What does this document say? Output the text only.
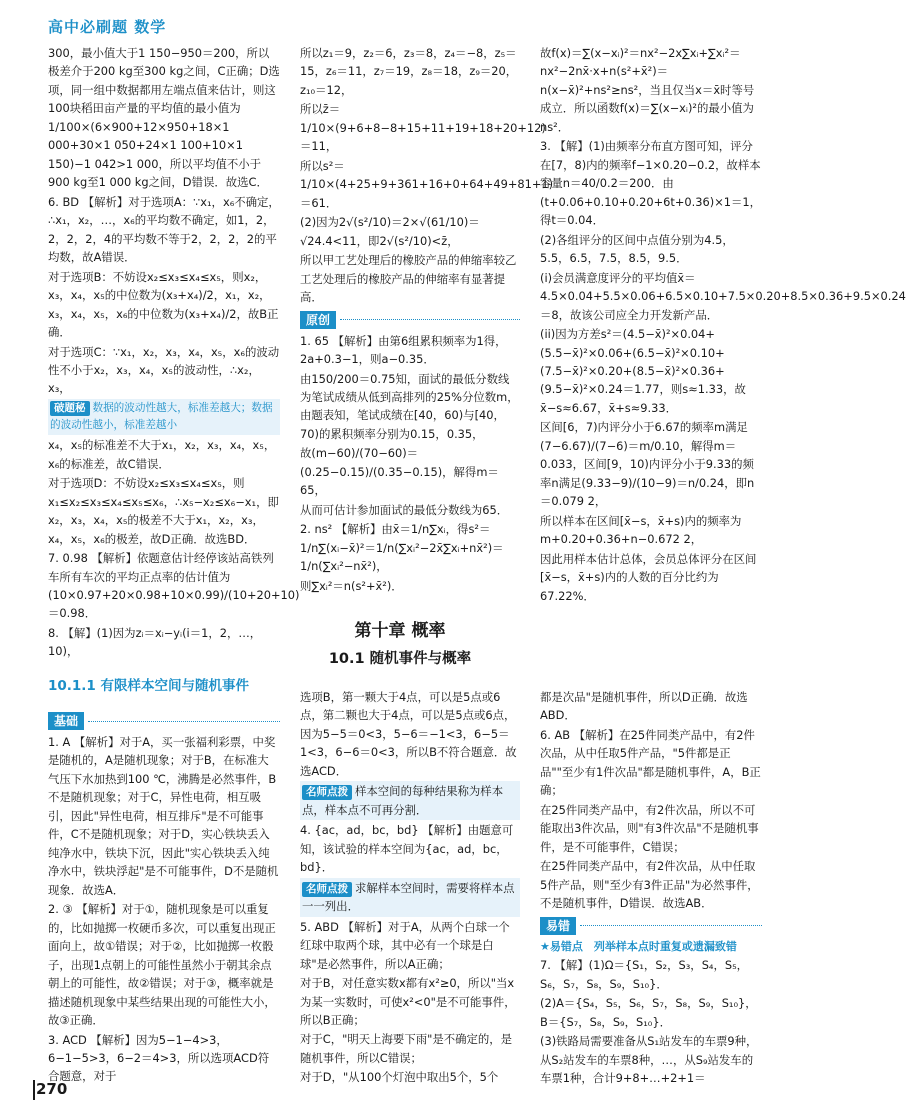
高中必刷题 数学

300，最小值大于1 150−950＝200，所以极差介于200 kg至300 kg之间，C正确；D选项，同一组中数据都用左端点值来估计，则这100块稻田亩产量的平均值的最小值为1/100×(6×900+12×950+18×1 000+30×1 050+24×1 100+10×1 150)−1 042>1 000，所以平均值不小于900 kg至1 000 kg之间，D错误．故选C．

6. BD 【解析】对于选项A：∵x₁，x₆不确定，∴x₁，x₂，…，x₆的平均数不确定，如1，2，2，2，2，4的平均数不等于2，2，2，2的平均数，故A错误．

对于选项B：不妨设x₂≤x₃≤x₄≤x₅，则x₂，x₃，x₄，x₅的中位数为(x₃+x₄)/2，x₁，x₂，x₃，x₄，x₅，x₆的中位数为(x₃+x₄)/2，故B正确．

对于选项C：∵x₁，x₂，x₃，x₄，x₅，x₆的波动性不小于x₂，x₃，x₄，x₅的波动性，∴x₂，x₃，

破题秘 数据的波动性越大，标准差越大；数据的波动性越小，标准差越小

x₄，x₅的标准差不大于x₁，x₂，x₃，x₄，x₅，x₆的标准差，故C错误．

对于选项D：不妨设x₂≤x₃≤x₄≤x₅，则x₁≤x₂≤x₃≤x₄≤x₅≤x₆，∴x₅−x₂≤x₆−x₁，即x₂，x₃，x₄，x₅的极差不大于x₁，x₂，x₃，x₄，x₅，x₆的极差，故D正确．故选BD．

7. 0.98 【解析】依题意估计经停该站高铁列车所有车次的平均正点率的估计值为(10×0.97+20×0.98+10×0.99)/(10+20+10)＝0.98．

8. 【解】(1)因为zᵢ＝xᵢ−yᵢ(i＝1，2，…，10)，

所以z₁＝9，z₂＝6，z₃＝8，z₄＝−8，z₅＝15，z₆＝11，z₇＝19，z₈＝18，z₉＝20，z₁₀＝12，

所以z̄＝1/10×(9+6+8−8+15+11+19+18+20+12)＝11，

所以s²＝1/10×(4+25+9+361+16+0+64+49+81+1)＝61．

(2)因为2√(s²/10)＝2×√(61/10)＝√24.4<11，即2√(s²/10)<z̄，

所以甲工艺处理后的橡胶产品的伸缩率较乙工艺处理后的橡胶产品的伸缩率有显著提高．

原创

1. 65 【解析】由第6组累积频率为1得，2a+0.3−1，则a−0.35．

由150/200＝0.75知，面试的最低分数线为笔试成绩从低到高排列的25%分位数m，由题表知，笔试成绩在[40，60)与[40，70)的累积频率分别为0.15，0.35，

故(m−60)/(70−60)＝(0.25−0.15)/(0.35−0.15)，解得m＝65，

从而可估计参加面试的最低分数线为65．

2. ns² 【解析】由x̄＝1/n∑xᵢ，得s²＝1/n∑(xᵢ−x̄)²＝1/n(∑xᵢ²−2x̄∑xᵢ+nx̄²)＝1/n(∑xᵢ²−nx̄²)，

则∑xᵢ²＝n(s²+x̄²)．

故f(x)＝∑(x−xᵢ)²＝nx²−2x∑xᵢ+∑xᵢ²＝nx²−2nx̄·x+n(s²+x̄²)＝n(x−x̄)²+ns²≥ns²，当且仅当x＝x̄时等号成立．所以函数f(x)＝∑(x−xᵢ)²的最小值为ns²．

3. 【解】(1)由频率分布直方图可知，评分在[7，8)内的频率f−1×0.20−0.2，故样本容量n＝40/0.2＝200．由(t+0.06+0.10+0.20+6t+0.36)×1＝1，得t＝0.04．

(2)各组评分的区间中点值分别为4.5，5.5，6.5，7.5，8.5，9.5．

(i)会员满意度评分的平均值x̄＝4.5×0.04+5.5×0.06+6.5×0.10+7.5×0.20+8.5×0.36+9.5×0.24＝8，故该公司应全力开发新产品．

(ii)因为方差s²＝(4.5−x̄)²×0.04+(5.5−x̄)²×0.06+(6.5−x̄)²×0.10+(7.5−x̄)²×0.20+(8.5−x̄)²×0.36+(9.5−x̄)²×0.24＝1.77，则s≈1.33，故x̄−s≈6.67，x̄+s≈9.33．

区间[6，7)内评分小于6.67的频率m满足(7−6.67)/(7−6)＝m/0.10，解得m＝0.033，区间[9，10)内评分小于9.33的频率n满足(9.33−9)/(10−9)＝n/0.24，即n＝0.079 2，

所以样本在区间[x̄−s，x̄+s)内的频率为m+0.20+0.36+n−0.672 2，

因此用样本估计总体，会员总体评分在区间[x̄−s，x̄+s)内的人数的百分比约为67.22%．

第十章 概率
10.1 随机事件与概率
10.1.1 有限样本空间与随机事件
基础

1. A 【解析】对于A，买一张福利彩票，中奖是随机的，A是随机现象；对于B，在标准大气压下水加热到100 ℃，沸腾是必然事件，B不是随机现象；对于C，异性电荷，相互吸引，因此"异性电荷，相互排斥"是不可能事件，C不是随机现象；对于D，实心铁块丢入纯净水中，铁块下沉，因此"实心铁块丢入纯净水中，铁块浮起"是不可能事件，D不是随机现象．故选A．

2. ③ 【解析】对于①，随机现象是可以重复的，比如抛掷一枚硬币多次，可以重复出现正面向上，故①错误；对于②，比如抛掷一枚骰子，出现1点朝上的可能性虽然小于朝其余点朝上的可能性，故②错误；对于③，概率就是描述随机现象中某些结果出现的可能性大小，故③正确．

3. ACD 【解析】因为5−1−4>3，6−1−5>3，6−2＝4>3，所以选项ACD符合题意，对于

选项B，第一颗大于4点，可以是5点或6点，第二颗也大于4点，可以是5点或6点，因为5−5＝0<3，5−6＝−1<3，6−5＝1<3，6−6＝0<3，所以B不符合题意．故选ACD．

名师点拨 样本空间的每种结果称为样本点，样本点不可再分割．

4. {ac，ad，bc，bd} 【解析】由题意可知，该试验的样本空间为{ac，ad，bc，bd}．

名师点拨 求解样本空间时，需要将样本点一一列出．

5. ABD 【解析】对于A，从两个白球一个红球中取两个球，其中必有一个球是白球"是必然事件，所以A正确；

对于B，对任意实数x都有x²≥0，所以"当x为某一实数时，可使x²<0"是不可能事件，所以B正确；

对于C，"明天上海要下雨"是不确定的，是随机事件，所以C错误；

对于D，"从100个灯泡中取出5个，5个

都是次品"是随机事件，所以D正确．故选ABD．

6. AB 【解析】在25件同类产品中，有2件次品，从中任取5件产品，"5件都是正品""至少有1件次品"都是随机事件，A，B正确；

在25件同类产品中，有2件次品，所以不可能取出3件次品，则"有3件次品"不是随机事件，是不可能事件，C错误；

在25件同类产品中，有2件次品，从中任取5件产品，则"至少有3件正品"为必然事件，不是随机事件，D错误．故选AB．

易错

★易错点　列举样本点时重复或遗漏致错

7. 【解】(1)Ω＝{S₁，S₂，S₃，S₄，S₅，S₆，S₇，S₈，S₉，S₁₀}．

(2)A＝{S₄，S₅，S₆，S₇，S₈，S₉，S₁₀}，B＝{S₇，S₈，S₉，S₁₀}．

(3)铁路局需要准备从S₁站发车的车票9种，从S₂站发车的车票8种，…，从S₉站发车的车票1种，合计9+8+…+2+1＝

270
